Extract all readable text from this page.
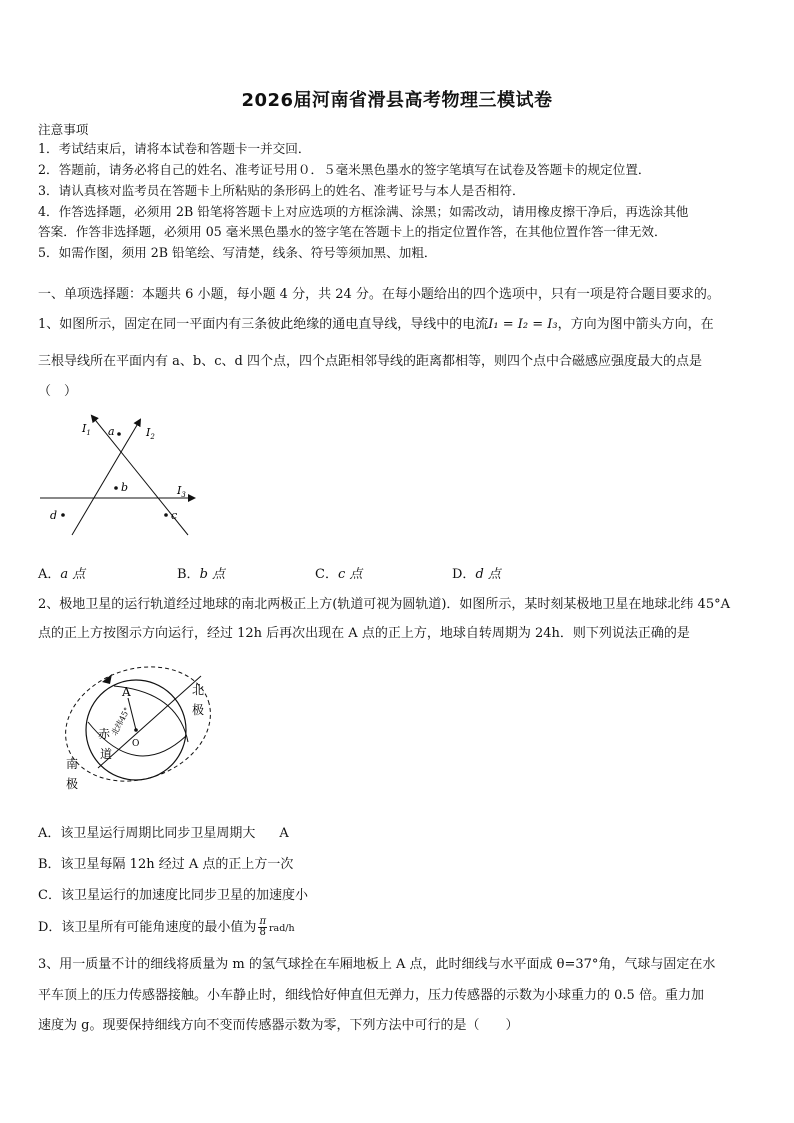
2026届河南省滑县高考物理三模试卷
注意事项
1．考试结束后，请将本试卷和答题卡一并交回．
2．答题前，请务必将自己的姓名、准考证号用０．５毫米黑色墨水的签字笔填写在试卷及答题卡的规定位置．
3．请认真核对监考员在答题卡上所粘贴的条形码上的姓名、准考证号与本人是否相符．
4．作答选择题，必须用 2B 铅笔将答题卡上对应选项的方框涂满、涂黑；如需改动，请用橡皮擦干净后，再选涂其他
答案．作答非选择题，必须用 05 毫米黑色墨水的签字笔在答题卡上的指定位置作答，在其他位置作答一律无效．
5．如需作图，须用 2B 铅笔绘、写清楚，线条、符号等须加黑、加粗．
一、单项选择题：本题共 6 小题，每小题 4 分，共 24 分。在每小题给出的四个选项中，只有一项是符合题目要求的。
1、如图所示，固定在同一平面内有三条彼此绝缘的通电直导线，导线中的电流I₁ = I₂ = I₃，方向为图中箭头方向，在
三根导线所在平面内有 a、b、c、d 四个点，四个点距相邻导线的距离都相等，则四个点中合磁感应强度最大的点是
（　）
$I_1$	$I_2$
$I_3$
a
b
c
d
A．a 点	B．b 点	C．c 点	D．d 点
2、极地卫星的运行轨道经过地球的南北两极正上方(轨道可视为圆轨道)．如图所示，某时刻某极地卫星在地球北纬 45°A
点的正上方按图示方向运行，经过 12h 后再次出现在 A 点的正上方，地球自转周期为 24h．则下列说法正确的是
A	北
极
赤
道
南
极
北纬45°
O
A．该卫星运行周期比同步卫星周期大 A
B．该卫星每隔 12h 经过 A 点的正上方一次
C．该卫星运行的加速度比同步卫星的加速度小
D．该卫星所有可能角速度的最小值为 $\frac{\pi}{8} rad/h$
3、用一质量不计的细线将质量为 m 的氢气球拴在车厢地板上 A 点，此时细线与水平面成 θ=37°角，气球与固定在水
平车顶上的压力传感器接触。小车静止时，细线恰好伸直但无弹力，压力传感器的示数为小球重力的 0.5 倍。重力加
速度为 g。现要保持细线方向不变而传感器示数为零，下列方法中可行的是（　　）
